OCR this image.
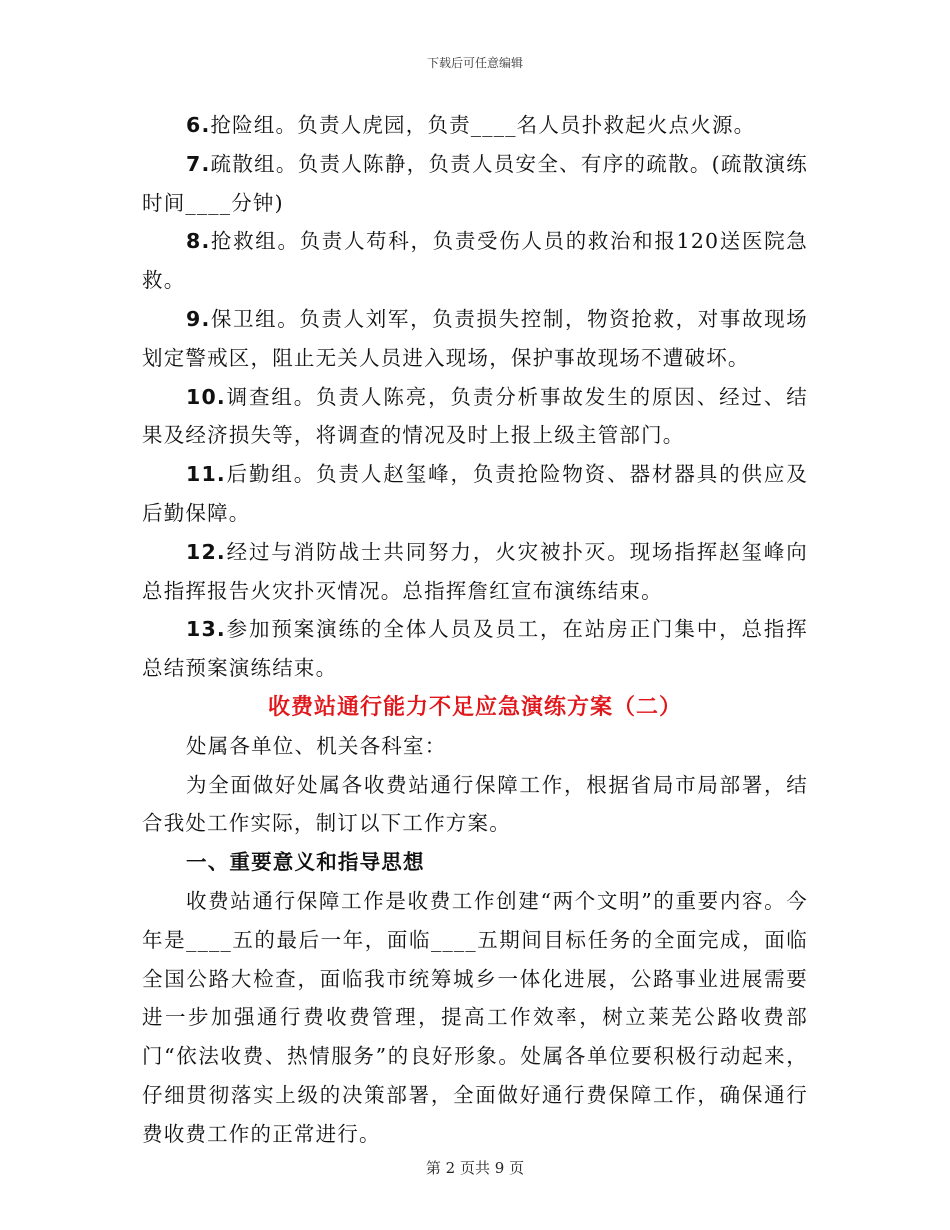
下载后可任意编辑

6.抢险组。负责人虎园，负责____名人员扑救起火点火源。

7.疏散组。负责人陈静，负责人员安全、有序的疏散。(疏散演练时间____分钟)

8.抢救组。负责人苟科，负责受伤人员的救治和报120送医院急救。

9.保卫组。负责人刘军，负责损失控制，物资抢救，对事故现场划定警戒区，阻止无关人员进入现场，保护事故现场不遭破坏。

10.调查组。负责人陈亮，负责分析事故发生的原因、经过、结果及经济损失等，将调查的情况及时上报上级主管部门。

11.后勤组。负责人赵玺峰，负责抢险物资、器材器具的供应及后勤保障。

12.经过与消防战士共同努力，火灾被扑灭。现场指挥赵玺峰向总指挥报告火灾扑灭情况。总指挥詹红宣布演练结束。

13.参加预案演练的全体人员及员工，在站房正门集中，总指挥总结预案演练结束。

收费站通行能力不足应急演练方案（二）

处属各单位、机关各科室：

为全面做好处属各收费站通行保障工作，根据省局市局部署，结合我处工作实际，制订以下工作方案。

一、重要意义和指导思想

收费站通行保障工作是收费工作创建“两个文明”的重要内容。今年是____五的最后一年，面临____五期间目标任务的全面完成，面临全国公路大检查，面临我市统筹城乡一体化进展，公路事业进展需要进一步加强通行费收费管理，提高工作效率，树立莱芜公路收费部门“依法收费、热情服务”的良好形象。处属各单位要积极行动起来，仔细贯彻落实上级的决策部署，全面做好通行费保障工作，确保通行费收费工作的正常进行。

第 2 页共 9 页
